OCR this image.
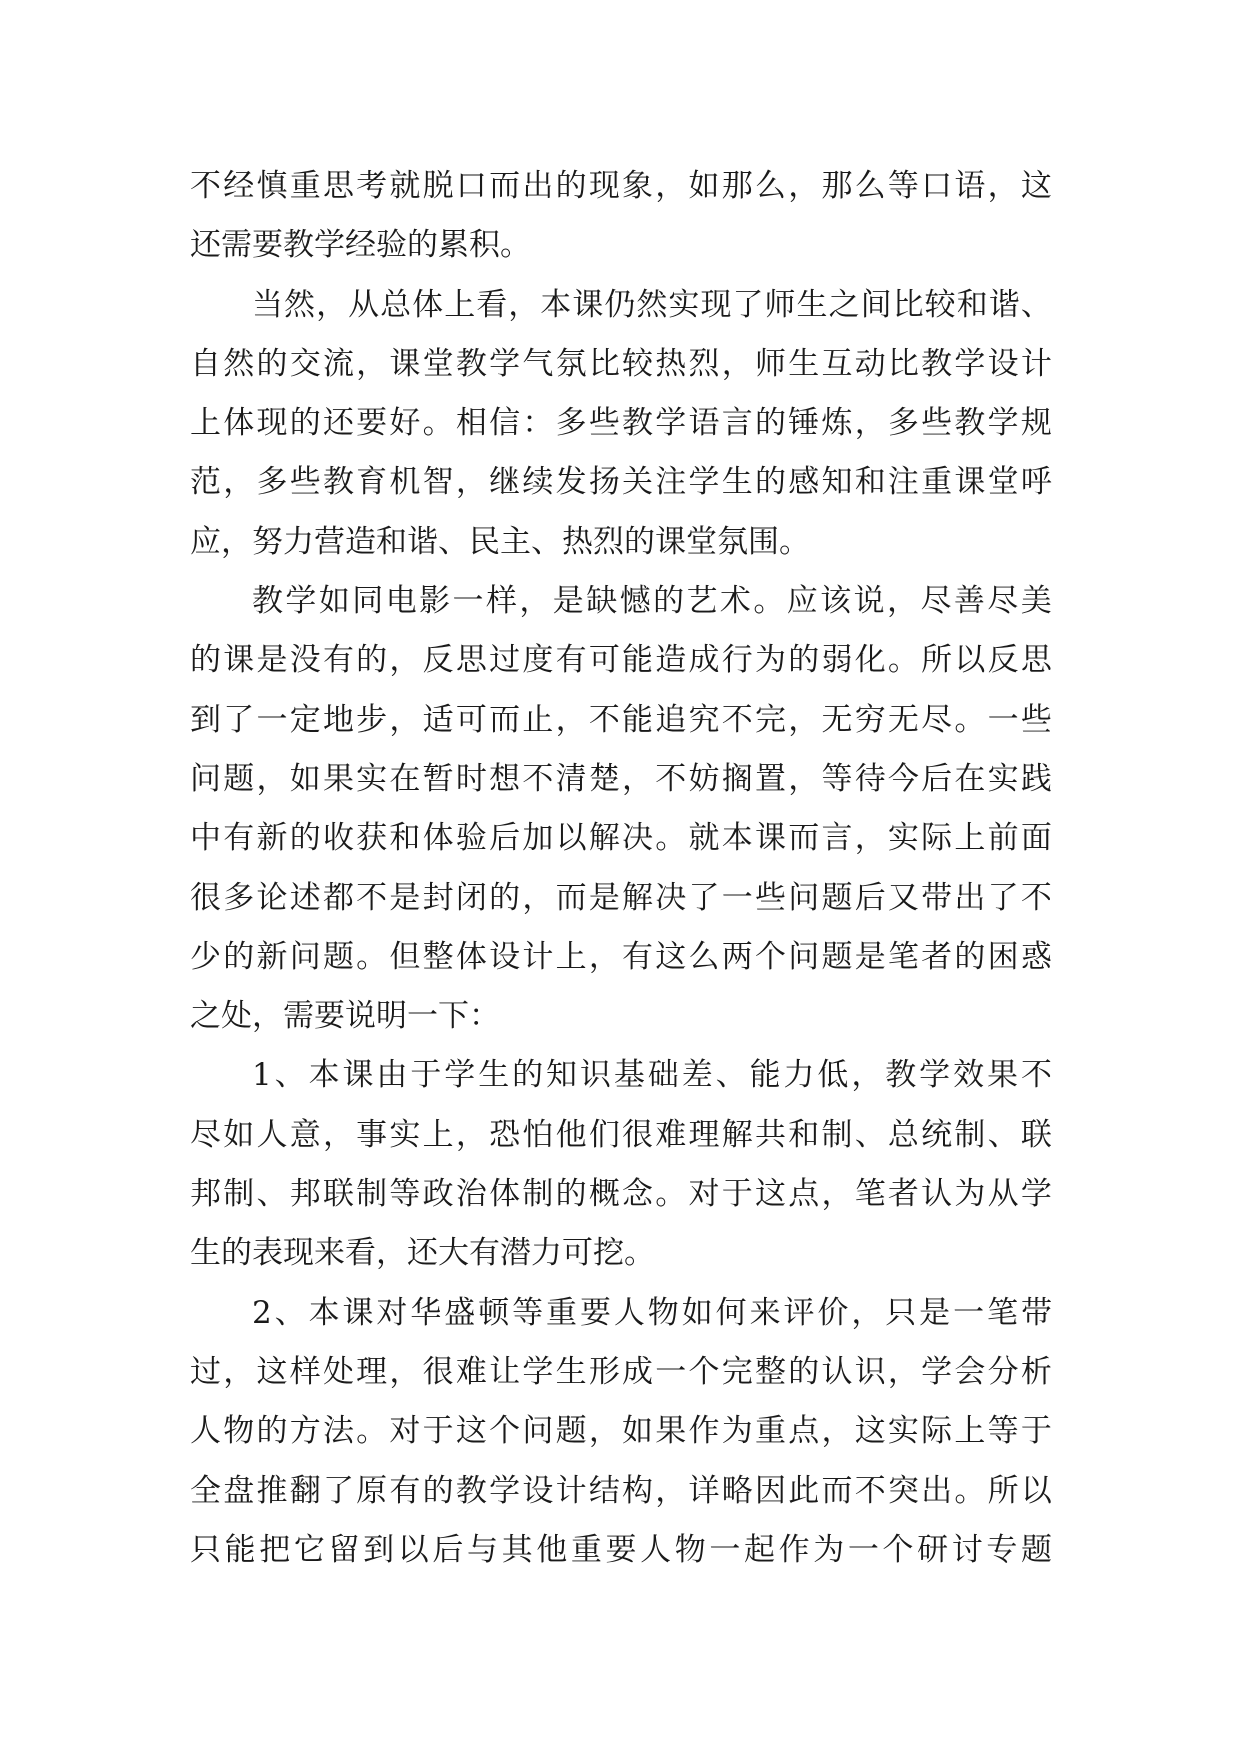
不 经 慎 重 思 考 就 脱 口 而 出 的 现 象 ， 如 那 么 ， 那 么 等 口 语 ， 这
还需要教学经验的累积。
当 然 ， 从 总 体 上 看 ， 本 课 仍 然 实 现 了 师 生 之 间 比 较 和 谐 、
自 然 的 交 流 ， 课 堂 教 学 气 氛 比 较 热 烈 ， 师 生 互 动 比 教 学 设 计
上 体 现 的 还 要 好 。 相 信 ： 多 些 教 学 语 言 的 锤 炼 ， 多 些 教 学 规
范 ， 多 些 教 育 机 智 ， 继 续 发 扬 关 注 学 生 的 感 知 和 注 重 课 堂 呼
应，努力营造和谐、民主、热烈的课堂氛围。
教 学 如 同 电 影 一 样 ， 是 缺 憾 的 艺 术 。 应 该 说 ， 尽 善 尽 美
的 课 是 没 有 的 ， 反 思 过 度 有 可 能 造 成 行 为 的 弱 化 。 所 以 反 思
到 了 一 定 地 步 ， 适 可 而 止 ， 不 能 追 究 不 完 ， 无 穷 无 尽 。 一 些
问 题 ， 如 果 实 在 暂 时 想 不 清 楚 ， 不 妨 搁 置 ， 等 待 今 后 在 实 践
中 有 新 的 收 获 和 体 验 后 加 以 解 决 。 就 本 课 而 言 ， 实 际 上 前 面
很 多 论 述 都 不 是 封 闭 的 ， 而 是 解 决 了 一 些 问 题 后 又 带 出 了 不
少 的 新 问 题 。 但 整 体 设 计 上 ， 有 这 么 两 个 问 题 是 笔 者 的 困 惑
之处，需要说明一下：
1 、 本 课 由 于 学 生 的 知 识 基 础 差 、 能 力 低 ， 教 学 效 果 不
尽 如 人 意 ， 事 实 上 ， 恐 怕 他 们 很 难 理 解 共 和 制 、 总 统 制 、 联
邦 制 、 邦 联 制 等 政 治 体 制 的 概 念 。 对 于 这 点 ， 笔 者 认 为 从 学
生的表现来看，还大有潜力可挖。
2 、 本 课 对 华 盛 顿 等 重 要 人 物 如 何 来 评 价 ， 只 是 一 笔 带
过 ， 这 样 处 理 ， 很 难 让 学 生 形 成 一 个 完 整 的 认 识 ， 学 会 分 析
人 物 的 方 法 。 对 于 这 个 问 题 ， 如 果 作 为 重 点 ， 这 实 际 上 等 于
全 盘 推 翻 了 原 有 的 教 学 设 计 结 构 ， 详 略 因 此 而 不 突 出 。 所 以
只 能 把 它 留 到 以 后 与 其 他 重 要 人 物 一 起 作 为 一 个 研 讨 专 题
